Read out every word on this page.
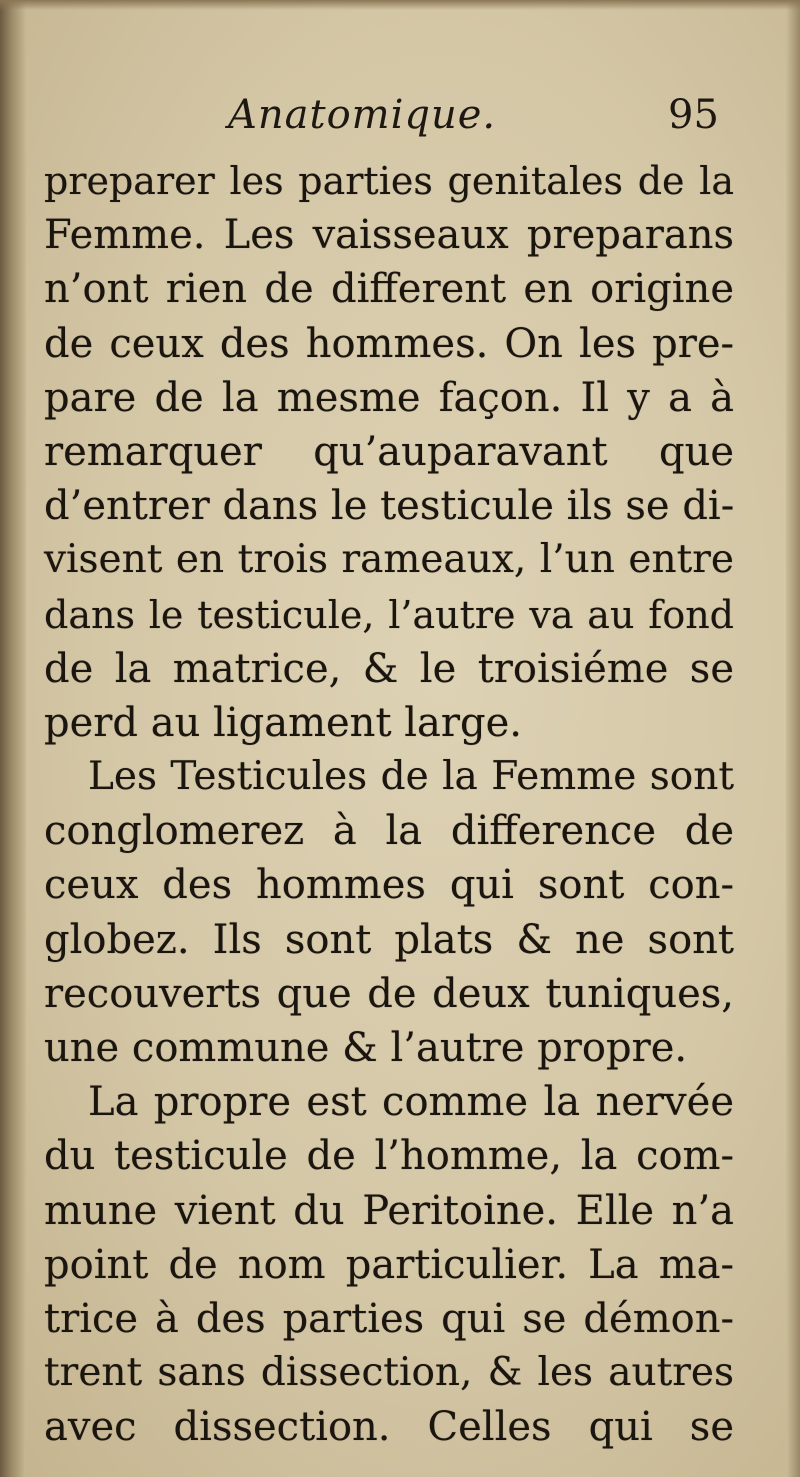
Anatomique.	95
preparer les parties genitales de la
Femme. Les vaisseaux preparans
n’ont rien de different en origine
de ceux des hommes. On les pre-
pare de la mesme façon. Il y a à
remarquer qu’auparavant que
d’entrer dans le testicule ils se di-
visent en trois rameaux, l’un entre
dans le testicule, l’autre va au fond
de la matrice, & le troisiéme se
perd au ligament large.
Les Testicules de la Femme sont
conglomerez à la difference de
ceux des hommes qui sont con-
globez. Ils sont plats & ne sont
recouverts que de deux tuniques,
une commune & l’autre propre.
La propre est comme la nervée
du testicule de l’homme, la com-
mune vient du Peritoine. Elle n’a
point de nom particulier. La ma-
trice à des parties qui se démon-
trent sans dissection, & les autres
avec dissection. Celles qui se
